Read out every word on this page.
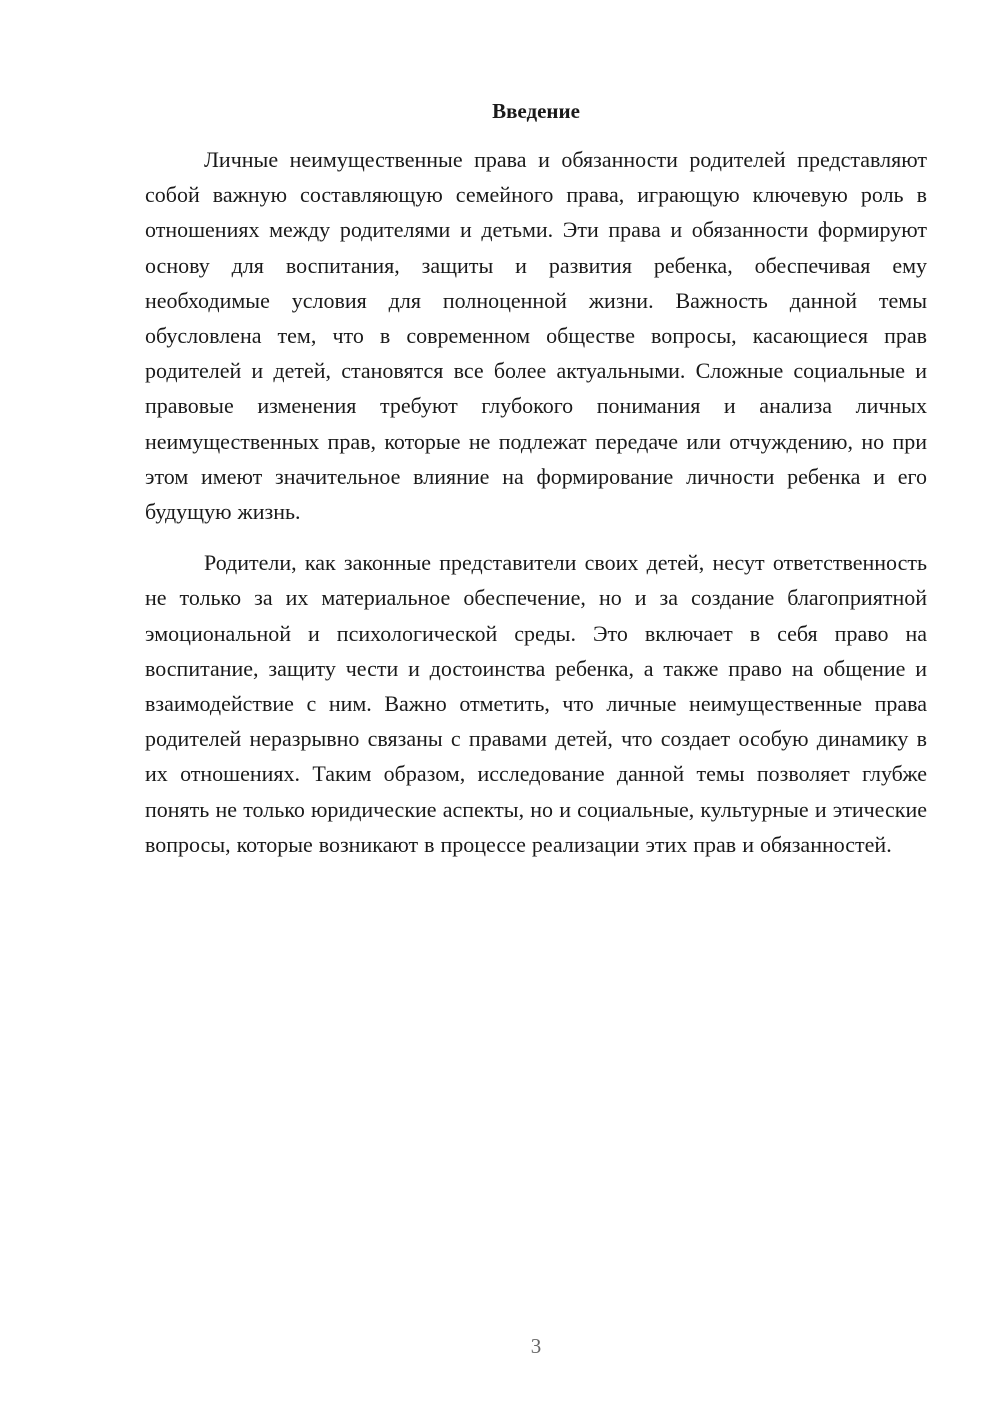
Введение

Личные неимущественные права и обязанности родителей представляют собой важную составляющую семейного права, играющую ключевую роль в отношениях между родителями и детьми. Эти права и обязанности формируют основу для воспитания, защиты и развития ребенка, обеспечивая ему необходимые условия для полноценной жизни. Важность данной темы обусловлена тем, что в современном обществе вопросы, касающиеся прав родителей и детей, становятся все более актуальными. Сложные социальные и правовые изменения требуют глубокого понимания и анализа личных неимущественных прав, которые не подлежат передаче или отчуждению, но при этом имеют значительное влияние на формирование личности ребенка и его будущую жизнь.

Родители, как законные представители своих детей, несут ответственность не только за их материальное обеспечение, но и за создание благоприятной эмоциональной и психологической среды. Это включает в себя право на воспитание, защиту чести и достоинства ребенка, а также право на общение и взаимодействие с ним. Важно отметить, что личные неимущественные права родителей неразрывно связаны с правами детей, что создает особую динамику в их отношениях. Таким образом, исследование данной темы позволяет глубже понять не только юридические аспекты, но и социальные, культурные и этические вопросы, которые возникают в процессе реализации этих прав и обязанностей.

3
